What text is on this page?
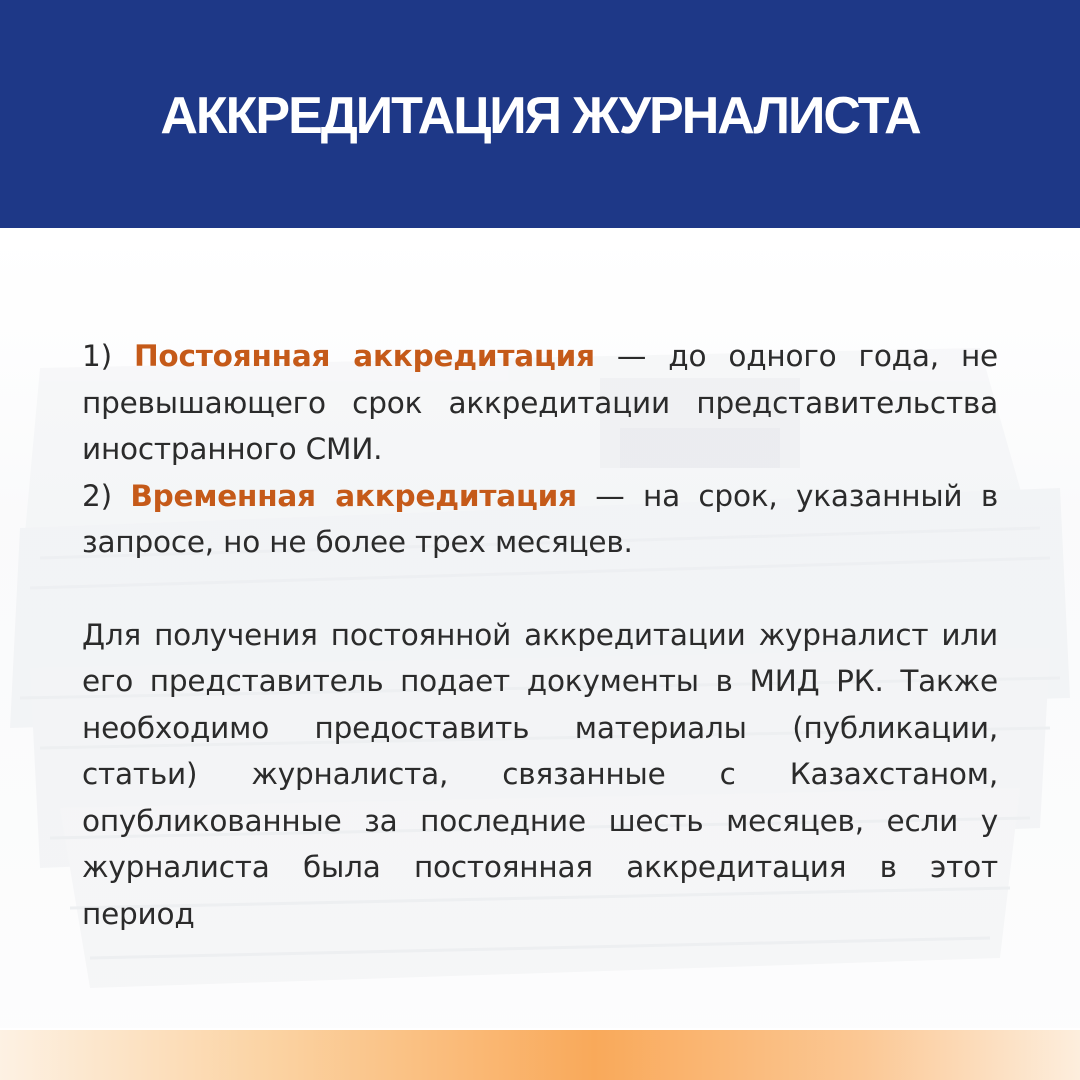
АККРЕДИТАЦИЯ ЖУРНАЛИСТА

1) Постоянная аккредитация — до одного года, не превышающего срок аккредитации представительства иностранного СМИ.

2) Временная аккредитация — на срок, указанный в запросе, но не более трех месяцев.

Для получения постоянной аккредитации журналист или его представитель подает документы в МИД РК. Также необходимо предоставить материалы (публикации, статьи) журналиста, связанные с Казахстаном, опубликованные за последние шесть месяцев, если у журналиста была постоянная аккредитация в этот период
